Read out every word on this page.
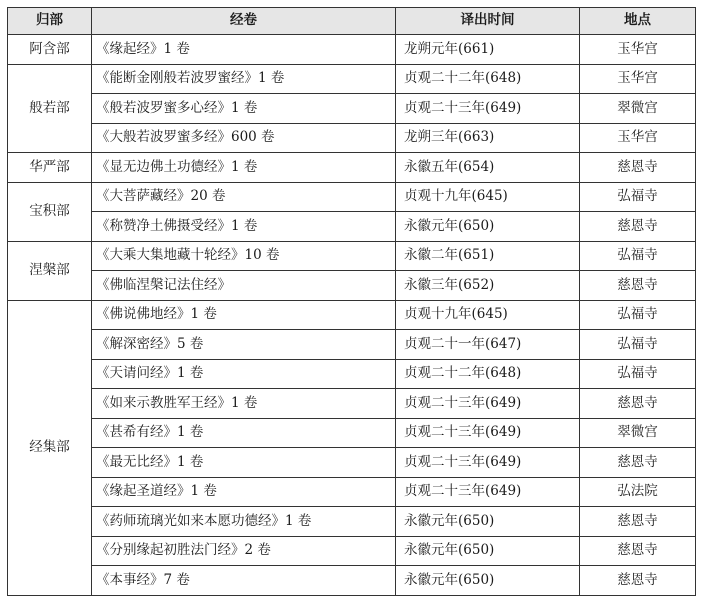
归部	经卷	译出时间	地点
阿含部	《缘起经》1 卷	龙朔元年(661)	玉华宫
般若部	《能断金刚般若波罗蜜经》1 卷	贞观二十二年(648)	玉华宫
	《般若波罗蜜多心经》1 卷	贞观二十三年(649)	翠微宫
	《大般若波罗蜜多经》600 卷	龙朔三年(663)	玉华宫
华严部	《显无边佛土功德经》1 卷	永徽五年(654)	慈恩寺
宝积部	《大菩萨藏经》20 卷	贞观十九年(645)	弘福寺
	《称赞净土佛摄受经》1 卷	永徽元年(650)	慈恩寺
涅槃部	《大乘大集地藏十轮经》10 卷	永徽二年(651)	弘福寺
	《佛临涅槃记法住经》	永徽三年(652)	慈恩寺
经集部	《佛说佛地经》1 卷	贞观十九年(645)	弘福寺
	《解深密经》5 卷	贞观二十一年(647)	弘福寺
	《天请问经》1 卷	贞观二十二年(648)	弘福寺
	《如来示教胜军王经》1 卷	贞观二十三年(649)	慈恩寺
	《甚希有经》1 卷	贞观二十三年(649)	翠微宫
	《最无比经》1 卷	贞观二十三年(649)	慈恩寺
	《缘起圣道经》1 卷	贞观二十三年(649)	弘法院
	《药师琉璃光如来本愿功德经》1 卷	永徽元年(650)	慈恩寺
	《分别缘起初胜法门经》2 卷	永徽元年(650)	慈恩寺
	《本事经》7 卷	永徽元年(650)	慈恩寺
